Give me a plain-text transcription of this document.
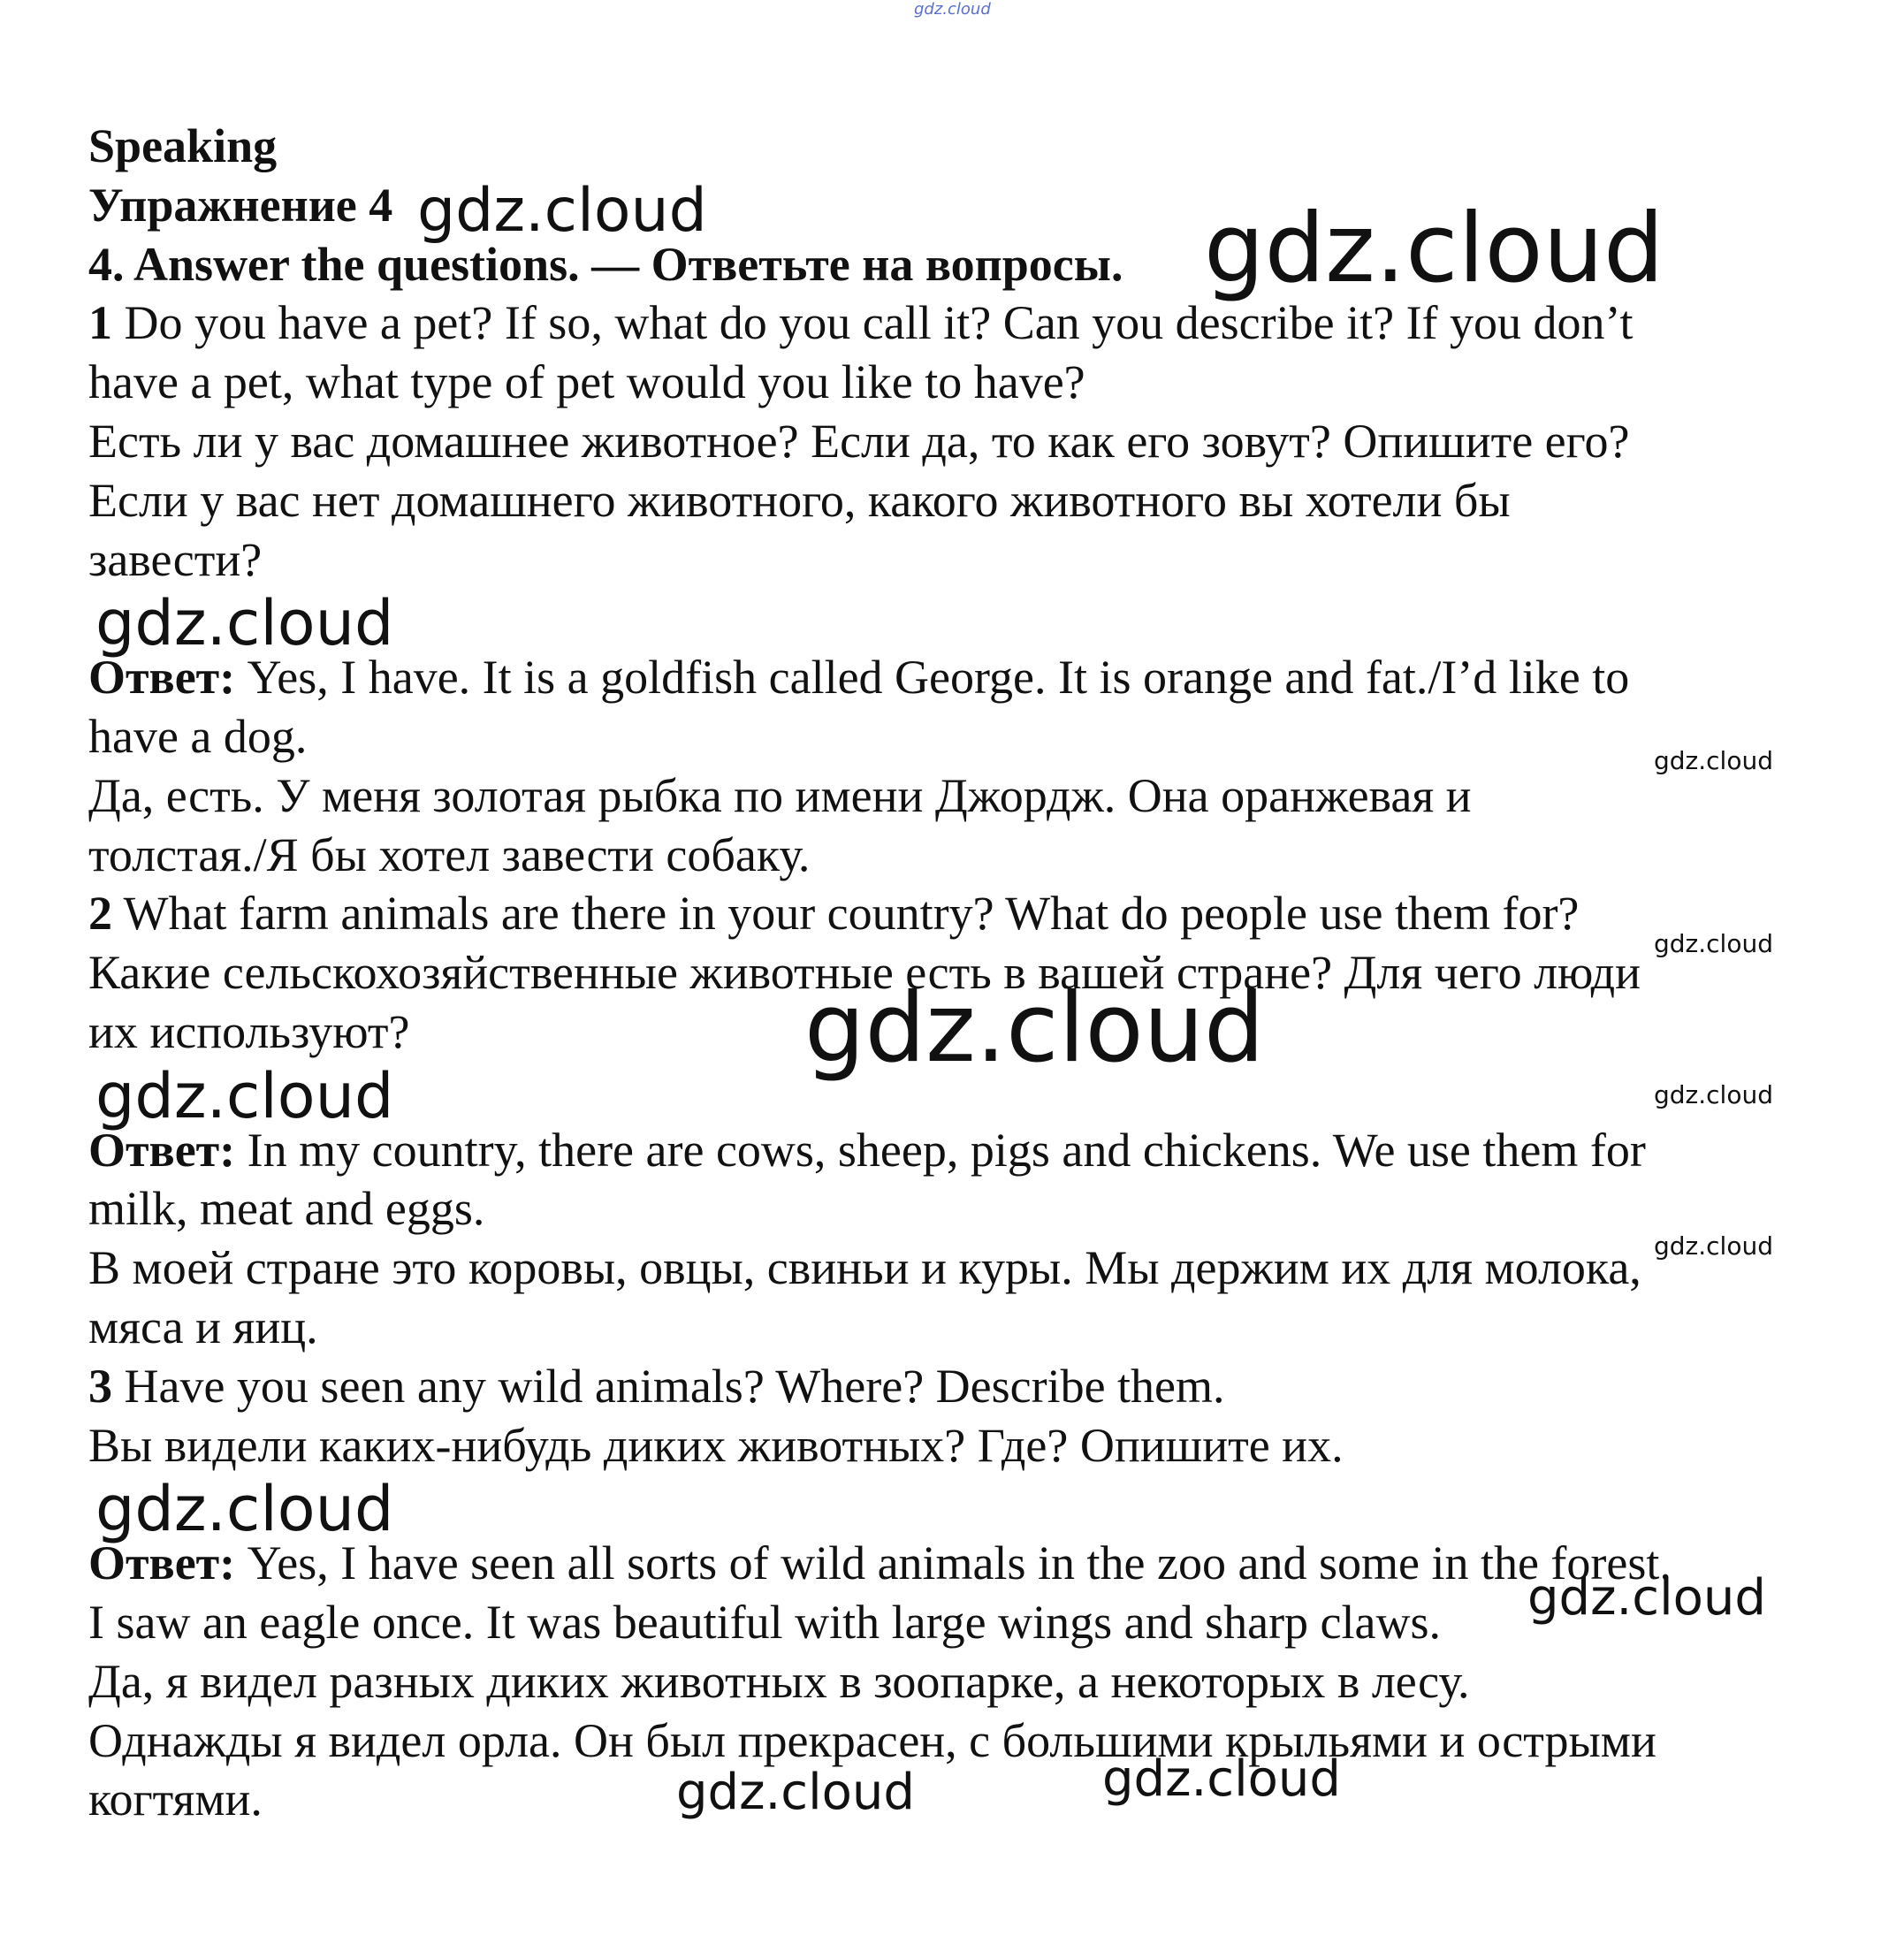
gdz.cloud
Speaking
Упражнение 4
4. Answer the questions. — Ответьте на вопросы.
1 Do you have a pet? If so, what do you call it? Can you describe it? If you don’t
have a pet, what type of pet would you like to have?
Есть ли у вас домашнее животное? Если да, то как его зовут? Опишите его?
Если у вас нет домашнего животного, какого животного вы хотели бы
завести?
Ответ: Yes, I have. It is a goldfish called George. It is orange and fat./I’d like to
have a dog.
Да, есть. У меня золотая рыбка по имени Джордж. Она оранжевая и
толстая./Я бы хотел завести собаку.
2 What farm animals are there in your country? What do people use them for?
Какие сельскохозяйственные животные есть в вашей стране? Для чего люди
их используют?
Ответ: In my country, there are cows, sheep, pigs and chickens. We use them for
milk, meat and eggs.
В моей стране это коровы, овцы, свиньи и куры. Мы держим их для молока,
мяса и яиц.
3 Have you seen any wild animals? Where? Describe them.
Вы видели каких-нибудь диких животных? Где? Опишите их.
Ответ: Yes, I have seen all sorts of wild animals in the zoo and some in the forest.
I saw an eagle once. It was beautiful with large wings and sharp claws.
Да, я видел разных диких животных в зоопарке, а некоторых в лесу.
Однажды я видел орла. Он был прекрасен, с большими крыльями и острыми
когтями.
gdz.cloud	gdz.cloud
gdz.cloud
gdz.cloud
gdz.cloud
gdz.cloud
gdz.cloud	gdz.cloud
gdz.cloud
gdz.cloud
gdz.cloud
gdz.cloud	gdz.cloud
